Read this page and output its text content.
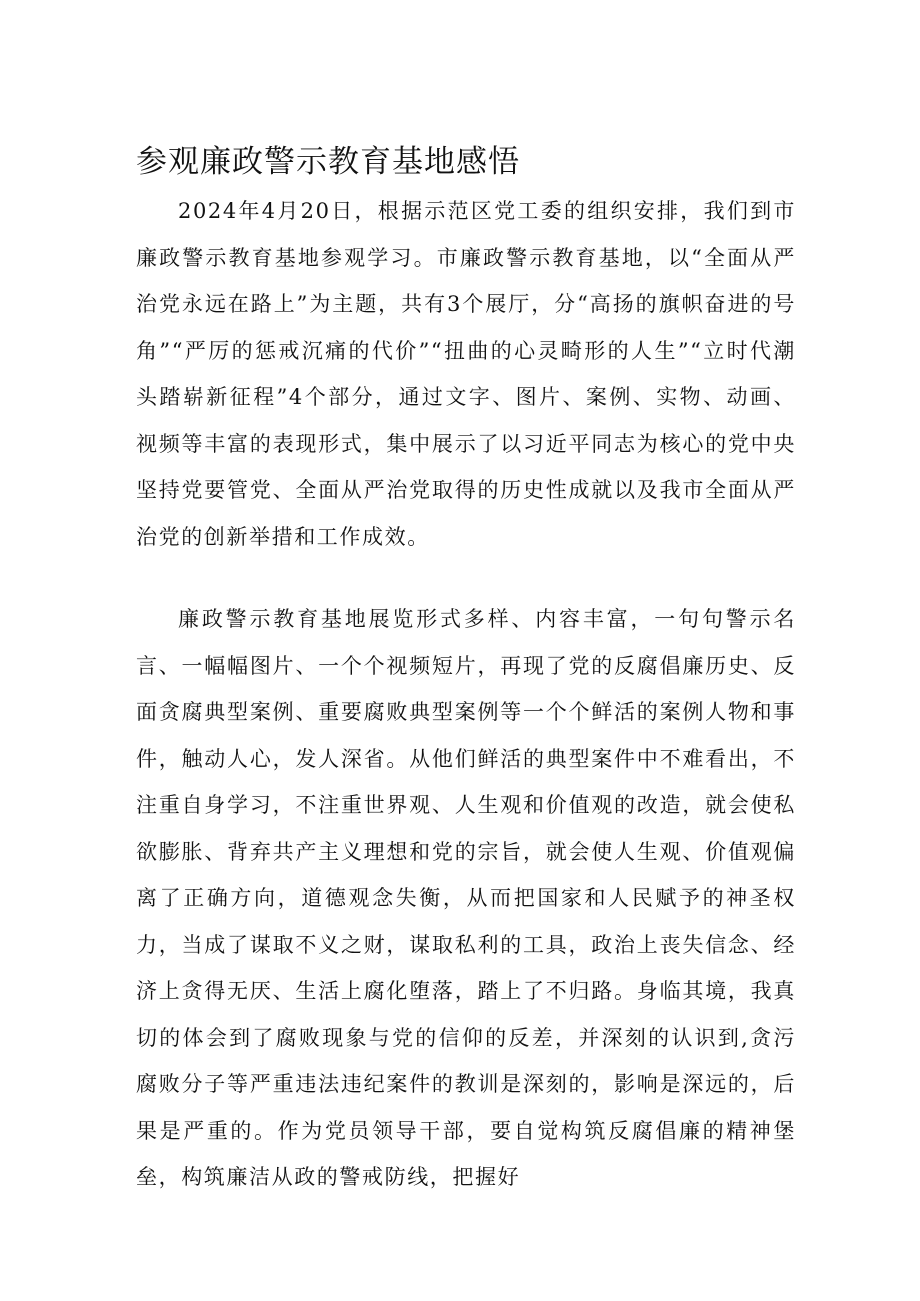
参观廉政警示教育基地感悟

2024年4月20日，根据示范区党工委的组织安排，我们到市廉政警示教育基地参观学习。市廉政警示教育基地，以“全面从严治党永远在路上”为主题，共有3个展厅，分“高扬的旗帜奋进的号角”“严厉的惩戒沉痛的代价”“扭曲的心灵畸形的人生”“立时代潮头踏崭新征程”4个部分，通过文字、图片、案例、实物、动画、视频等丰富的表现形式，集中展示了以习近平同志为核心的党中央坚持党要管党、全面从严治党取得的历史性成就以及我市全面从严治党的创新举措和工作成效。

廉政警示教育基地展览形式多样、内容丰富，一句句警示名言、一幅幅图片、一个个视频短片，再现了党的反腐倡廉历史、反面贪腐典型案例、重要腐败典型案例等一个个鲜活的案例人物和事件，触动人心，发人深省。从他们鲜活的典型案件中不难看出，不注重自身学习，不注重世界观、人生观和价值观的改造，就会使私欲膨胀、背弃共产主义理想和党的宗旨，就会使人生观、价值观偏离了正确方向，道德观念失衡，从而把国家和人民赋予的神圣权力，当成了谋取不义之财，谋取私利的工具，政治上丧失信念、经济上贪得无厌、生活上腐化堕落，踏上了不归路。身临其境，我真切的体会到了腐败现象与党的信仰的反差，并深刻的认识到,贪污腐败分子等严重违法违纪案件的教训是深刻的，影响是深远的，后果是严重的。作为党员领导干部，要自觉构筑反腐倡廉的精神堡垒，构筑廉洁从政的警戒防线，把握好
